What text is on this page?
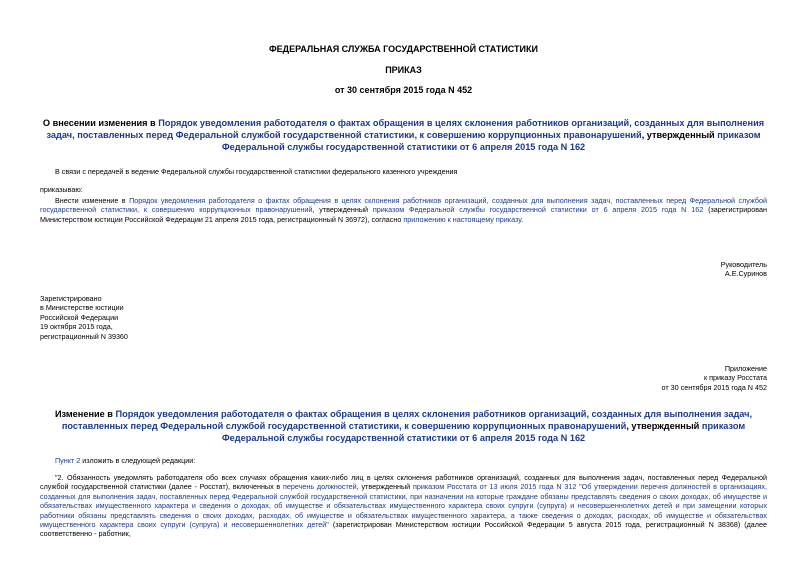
ФЕДЕРАЛЬНАЯ СЛУЖБА ГОСУДАРСТВЕННОЙ СТАТИСТИКИ
ПРИКАЗ
от 30 сентября 2015 года N 452
О внесении изменения в Порядок уведомления работодателя о фактах обращения в целях склонения работников организаций, созданных для выполнения задач, поставленных перед Федеральной службой государственной статистики, к совершению коррупционных правонарушений, утвержденный приказом Федеральной службы государственной статистики от 6 апреля 2015 года N 162
В связи с передачей в ведение Федеральной службы государственной статистики федерального казенного учреждения
приказываю:
Внести изменение в Порядок уведомления работодателя о фактах обращения в целях склонения работников организаций, созданных для выполнения задач, поставленных перед Федеральной службой государственной статистики, к совершению коррупционных правонарушений, утвержденный приказом Федеральной службы государственной статистики от 6 апреля 2015 года N 162 (зарегистрирован Министерством юстиции Российской Федерации 21 апреля 2015 года, регистрационный N 36972), согласно приложению к настоящему приказу.
Руководитель
А.Е.Суринов
Зарегистрировано
в Министерстве юстиции
Российской Федерации
19 октября 2015 года,
регистрационный N 39360
Приложение
к приказу Росстата
от 30 сентября 2015 года N 452
Изменение в Порядок уведомления работодателя о фактах обращения в целях склонения работников организаций, созданных для выполнения задач, поставленных перед Федеральной службой государственной статистики, к совершению коррупционных правонарушений, утвержденный приказом Федеральной службы государственной статистики от 6 апреля 2015 года N 162
Пункт 2 изложить в следующей редакции:
"2. Обязанность уведомлять работодателя обо всех случаях обращения каких-либо лиц в целях склонения работников организаций, созданных для выполнения задач, поставленных перед Федеральной службой государственной статистики (далее - Росстат), включенных в перечень должностей, утвержденный приказом Росстата от 13 июля 2015 года N 312 "Об утверждении перечня должностей в организациях, созданных для выполнения задач, поставленных перед Федеральной службой государственной статистики, при назначении на которые граждане обязаны представлять сведения о своих доходах, об имуществе и обязательствах имущественного характера и сведения о доходах, об имуществе и обязательствах имущественного характера своих супруги (супруга) и несовершеннолетних детей и при замещении которых работники обязаны представлять сведения о своих доходах, расходах, об имуществе и обязательствах имущественного характера, а также сведения о доходах, расходах, об имуществе и обязательствах имущественного характера своих супруги (супруга) и несовершеннолетних детей" (зарегистрирован Министерством юстиции Российской Федерации 5 августа 2015 года, регистрационный N 38368) (далее соответственно - работник,
